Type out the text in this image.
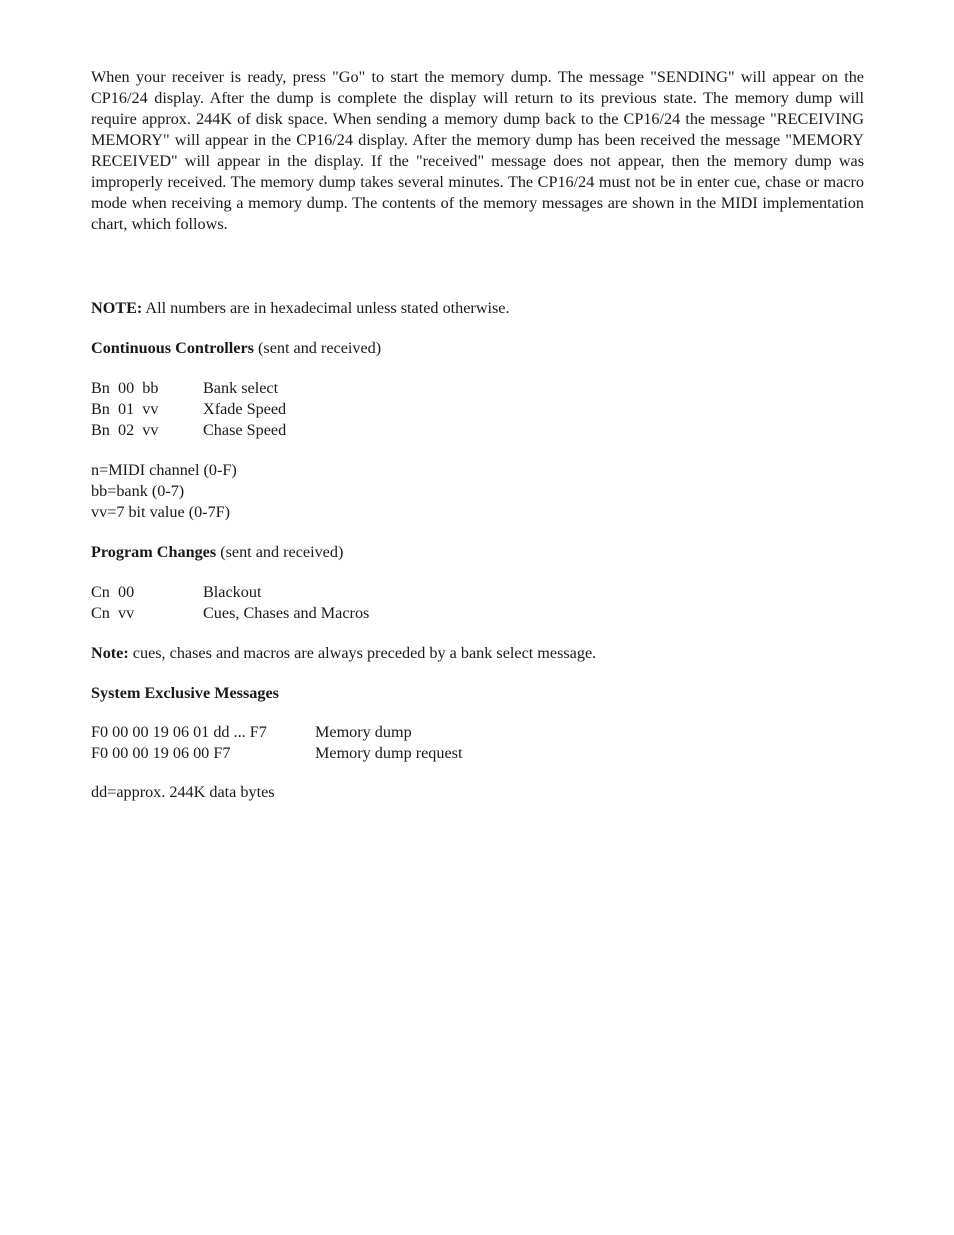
When your receiver is ready, press "Go" to start the memory dump. The message "SENDING" will appear on the CP16/24 display. After the dump is complete the display will return to its previous state. The memory dump will require approx. 244K of disk space. When sending a memory dump back to the CP16/24 the message "RECEIVING MEMORY" will appear in the CP16/24 display. After the memory dump has been received the message "MEMORY RECEIVED" will appear in the display. If the "received" message does not appear, then the memory dump was improperly received. The memory dump takes several minutes. The CP16/24 must not be in enter cue, chase or macro mode when receiving a memory dump. The contents of the memory messages are shown in the MIDI implementation chart, which follows.

NOTE: All numbers are in hexadecimal unless stated otherwise.
Continuous Controllers (sent and received)
Bn  00  bb	Bank select
Bn  01  vv	Xfade Speed
Bn  02  vv	Chase Speed
n=MIDI channel (0-F)
bb=bank (0-7)
vv=7 bit value (0-7F)
Program Changes (sent and received)
Cn  00	Blackout
Cn  vv	Cues, Chases and Macros
Note: cues, chases and macros are always preceded by a bank select message.
System Exclusive Messages
F0 00 00 19 06 01 dd ... F7	Memory dump
F0 00 00 19 06 00 F7	Memory dump request
dd=approx. 244K data bytes
